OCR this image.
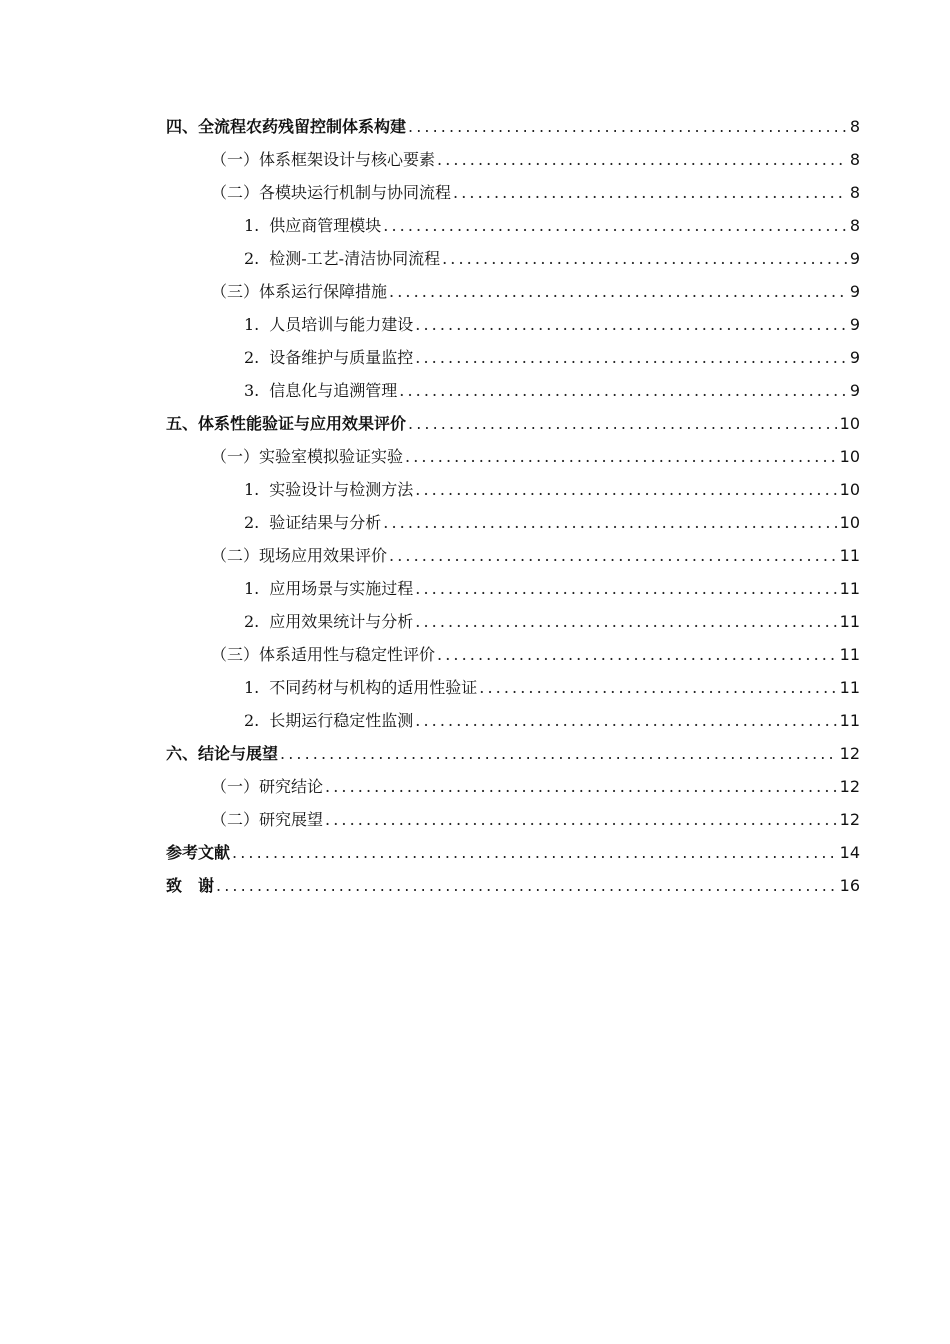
四、全流程农药残留控制体系构建 .....	8
（一）体系框架设计与核心要素 .....	8
（二）各模块运行机制与协同流程 .....	8
1. 供应商管理模块 .....	8
2. 检测-工艺-清洁协同流程 .....	9
（三）体系运行保障措施 .....	9
1. 人员培训与能力建设 .....	9
2. 设备维护与质量监控 .....	9
3. 信息化与追溯管理 .....	9
五、体系性能验证与应用效果评价 .....	10
（一）实验室模拟验证实验 .....	10
1. 实验设计与检测方法 .....	10
2. 验证结果与分析 .....	10
（二）现场应用效果评价 .....	11
1. 应用场景与实施过程 .....	11
2. 应用效果统计与分析 .....	11
（三）体系适用性与稳定性评价 .....	11
1. 不同药材与机构的适用性验证 .....	11
2. 长期运行稳定性监测 .....	11
六、结论与展望 .....	12
（一）研究结论 .....	12
（二）研究展望 .....	12
参考文献 .....	14
致　谢 .....	16
